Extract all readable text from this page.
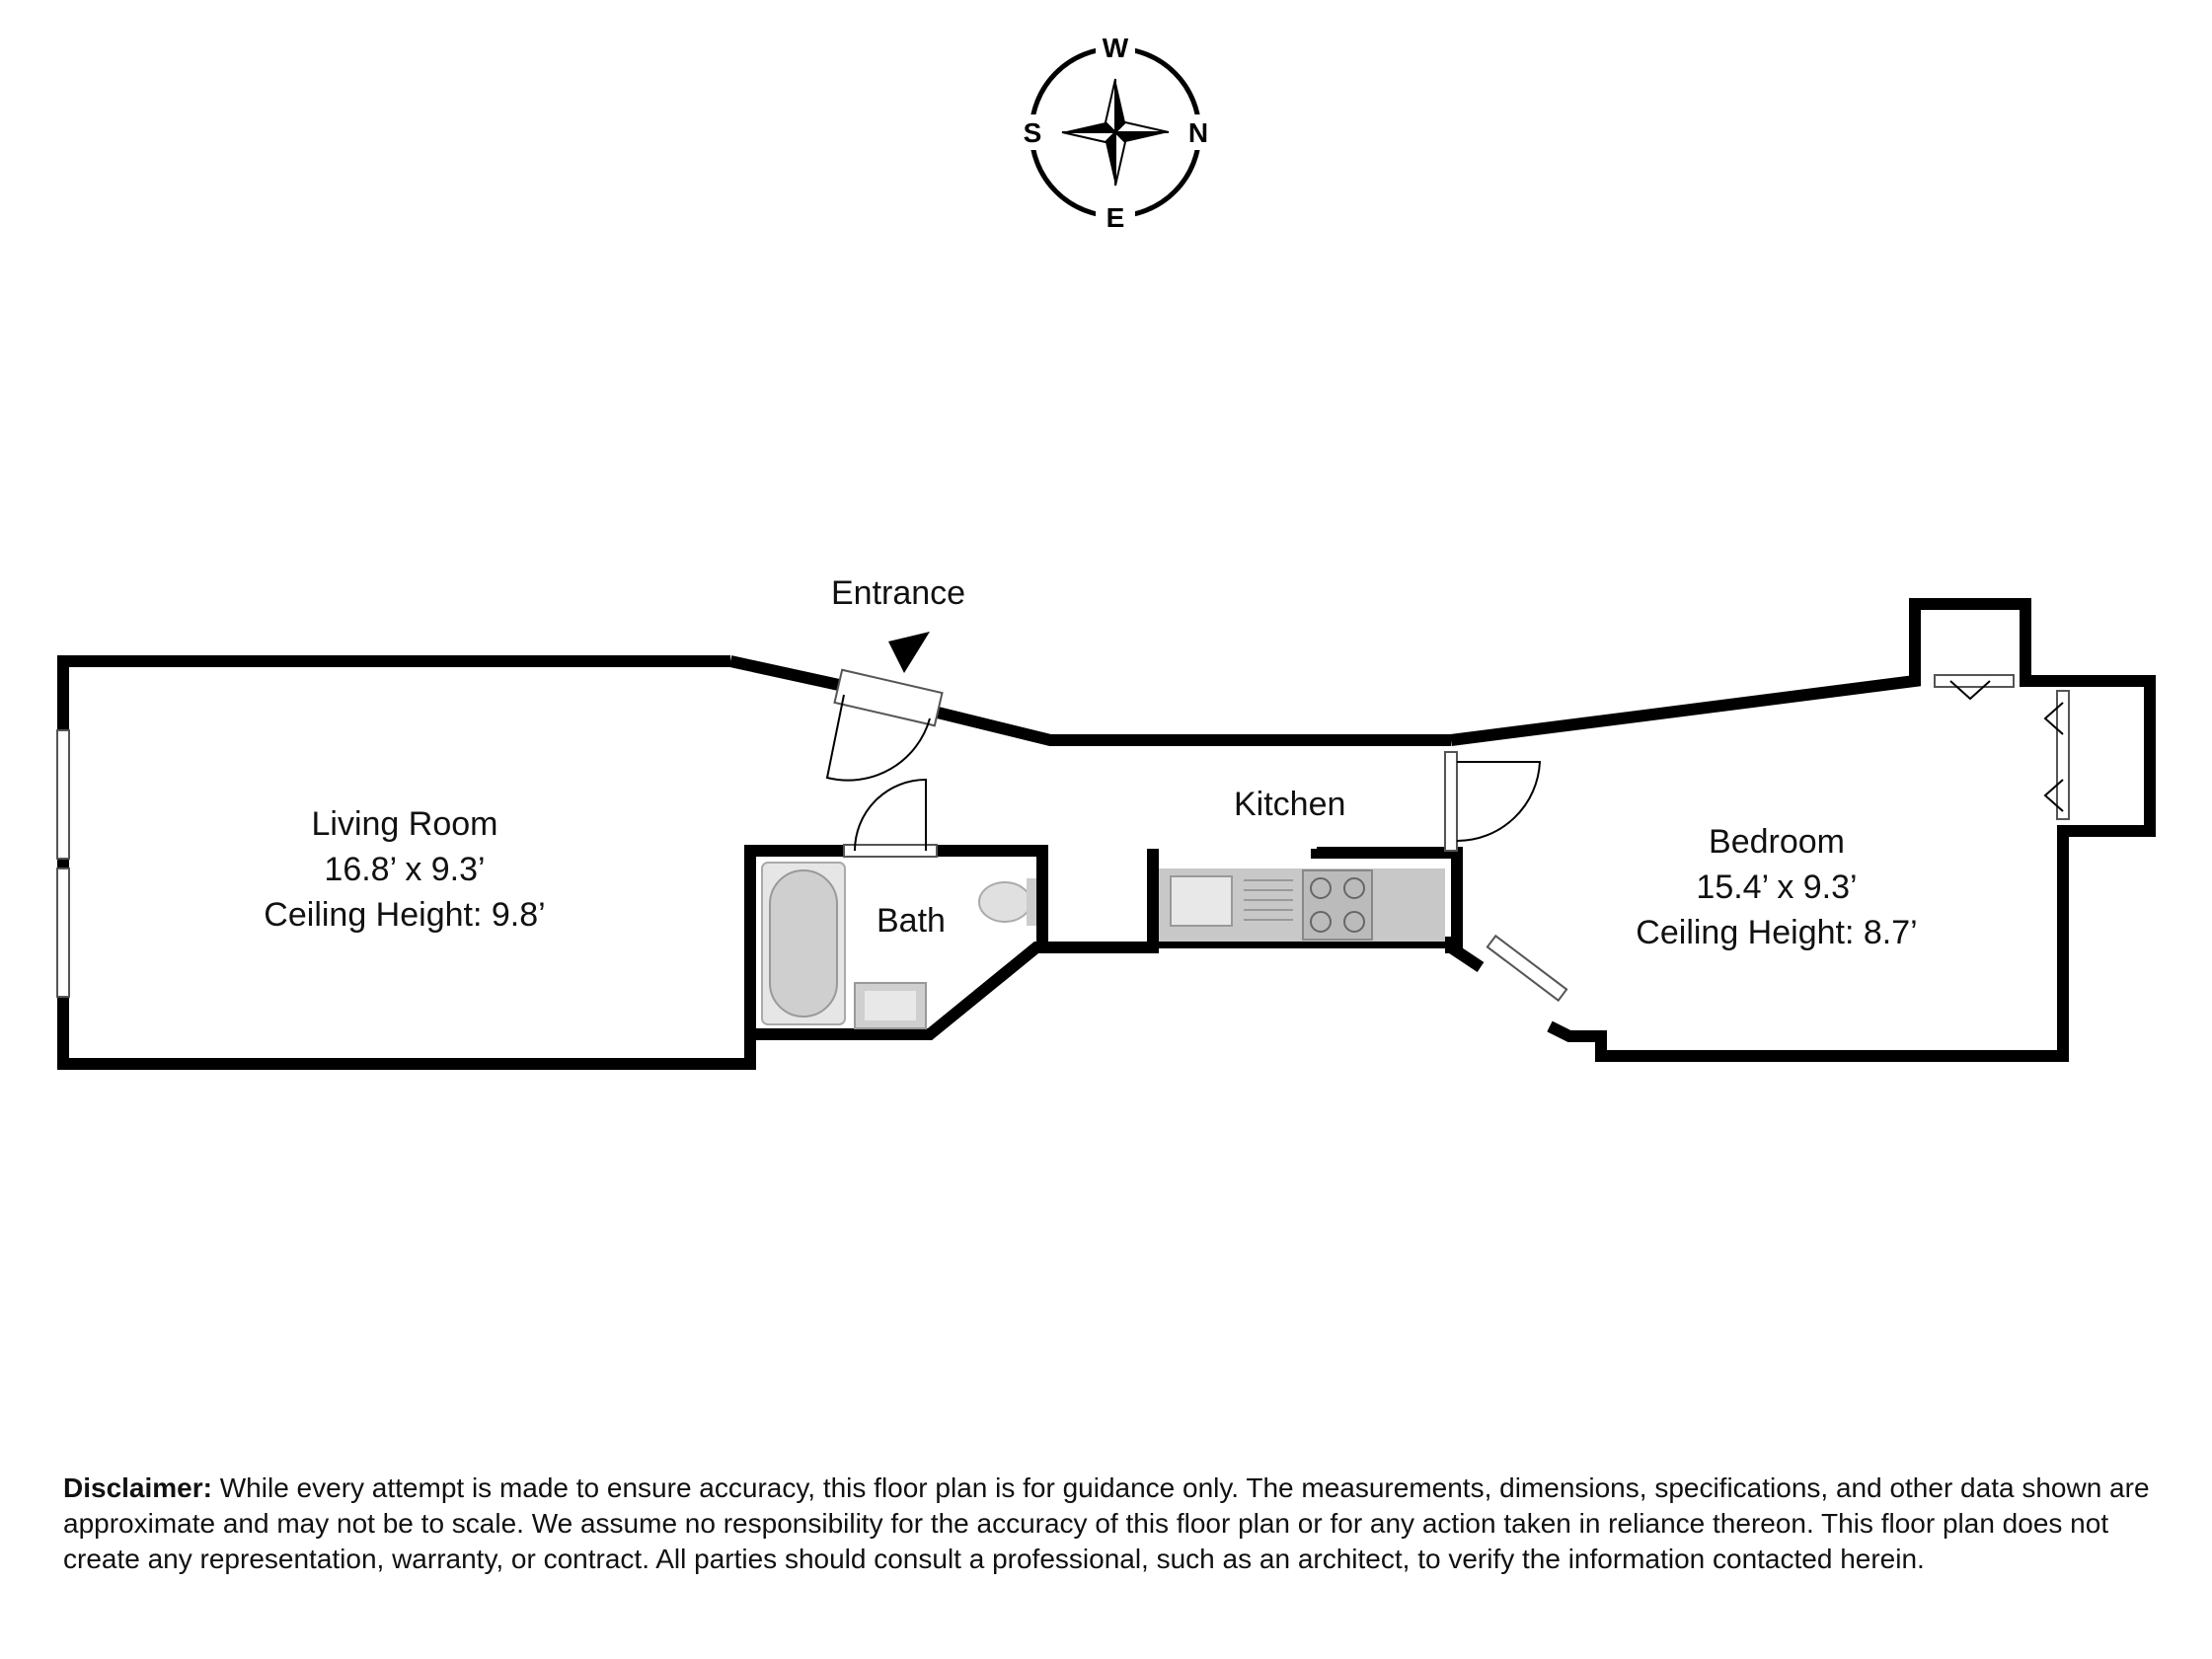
W
E
S	N
Entrance
Living Room
16.8’ x 9.3’
Ceiling Height: 9.8’	Bath
Kitchen
Bedroom
15.4’ x 9.3’
Ceiling Height: 8.7’
Disclaimer: While every attempt is made to ensure accuracy, this floor plan is for guidance only. The measurements, dimensions, specifications, and other data shown are approximate and may not be to scale. We assume no responsibility for the accuracy of this floor plan or for any action taken in reliance thereon. This floor plan does not create any representation, warranty, or contract. All parties should consult a professional, such as an architect, to verify the information contacted herein.
